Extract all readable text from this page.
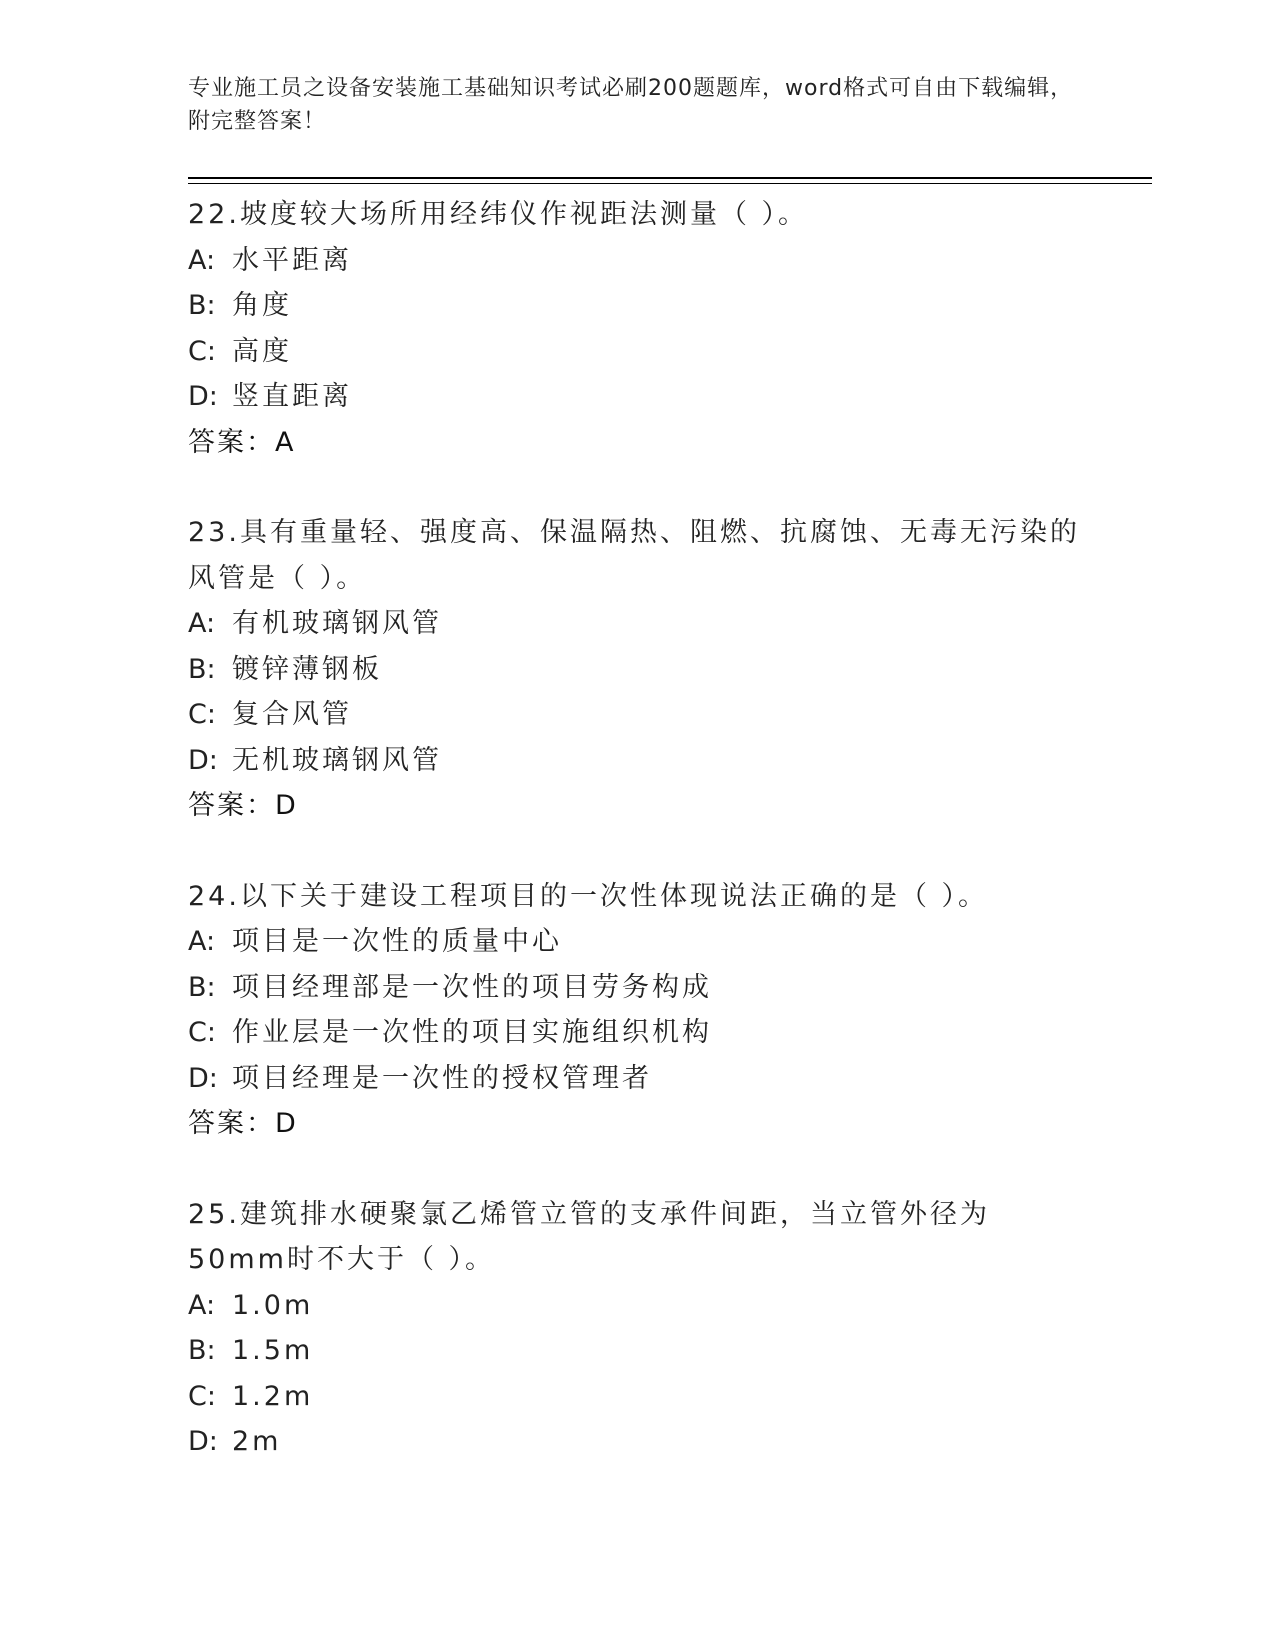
专业施工员之设备安装施工基础知识考试必刷200题题库，word格式可自由下载编辑，附完整答案！
22.坡度较大场所用经纬仪作视距法测量（ ）。
A: 水平距离
B: 角度
C: 高度
D: 竖直距离
答案：A
23.具有重量轻、强度高、保温隔热、阻燃、抗腐蚀、无毒无污染的风管是（ ）。
A: 有机玻璃钢风管
B: 镀锌薄钢板
C: 复合风管
D: 无机玻璃钢风管
答案：D
24.以下关于建设工程项目的一次性体现说法正确的是（ ）。
A: 项目是一次性的质量中心
B: 项目经理部是一次性的项目劳务构成
C: 作业层是一次性的项目实施组织机构
D: 项目经理是一次性的授权管理者
答案：D
25.建筑排水硬聚氯乙烯管立管的支承件间距，当立管外径为50mm时不大于（ ）。
A: 1.0m
B: 1.5m
C: 1.2m
D: 2m
